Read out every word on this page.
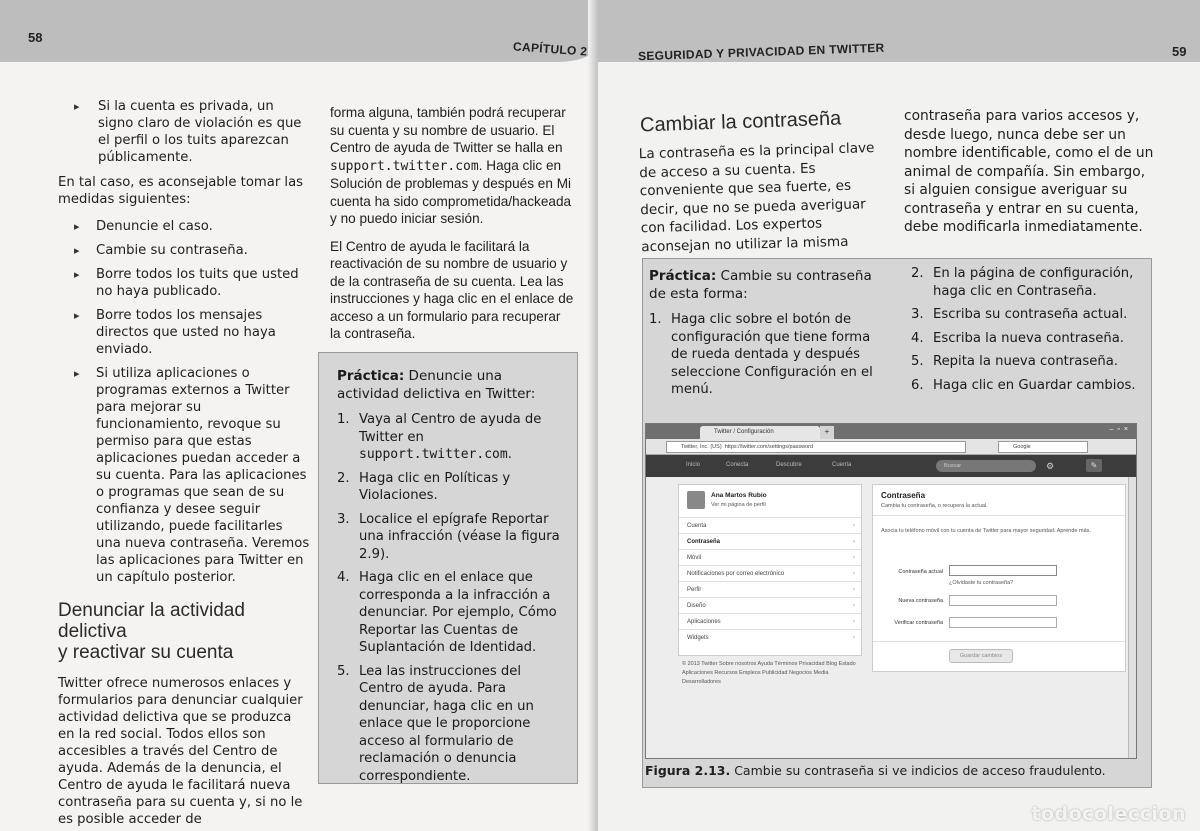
58
CAPÍTULO 2
▸ Si la cuenta es privada, un signo claro de violación es que el perfil o los tuits aparezcan públicamente.
En tal caso, es aconsejable tomar las medidas siguientes:
▸ Denuncie el caso.
▸ Cambie su contraseña.
▸ Borre todos los tuits que usted no haya publicado.
▸ Borre todos los mensajes directos que usted no haya enviado.
▸ Si utiliza aplicaciones o programas externos a Twitter para mejorar su funcionamiento, revoque su permiso para que estas aplicaciones puedan acceder a su cuenta. Para las aplicaciones o programas que sean de su confianza y desee seguir utilizando, puede facilitarles una nueva contraseña. Veremos las aplicaciones para Twitter en un capítulo posterior.
Denunciar la actividad delictiva
y reactivar su cuenta
Twitter ofrece numerosos enlaces y formularios para denunciar cualquier actividad delictiva que se produzca en la red social. Todos ellos son accesibles a través del Centro de ayuda. Además de la denuncia, el Centro de ayuda le facilitará nueva contraseña para su cuenta y, si no le es posible acceder de
forma alguna, también podrá recuperar su cuenta y su nombre de usuario. El Centro de ayuda de Twitter se halla en support.twitter.com. Haga clic en Solución de problemas y después en Mi cuenta ha sido comprometida/hackeada y no puedo iniciar sesión.
El Centro de ayuda le facilitará la reactivación de su nombre de usuario y de la contraseña de su cuenta. Lea las instrucciones y haga clic en el enlace de acceso a un formulario para recuperar la contraseña.
Práctica: Denuncie una actividad delictiva en Twitter:
1. Vaya al Centro de ayuda de Twitter en support.twitter.com.
2. Haga clic en Políticas y Violaciones.
3. Localice el epígrafe Reportar una infracción (véase la figura 2.9).
4. Haga clic en el enlace que corresponda a la infracción a denunciar. Por ejemplo, Cómo Reportar las Cuentas de Suplantación de Identidad.
5. Lea las instrucciones del Centro de ayuda. Para denunciar, haga clic en un enlace que le proporcione acceso al formulario de reclamación o denuncia correspondiente.
SEGURIDAD Y PRIVACIDAD EN TWITTER	59
Cambiar la contraseña
La contraseña es la principal clave de acceso a su cuenta. Es conveniente que sea fuerte, es decir, que no se pueda averiguar con facilidad. Los expertos aconsejan no utilizar la misma
contraseña para varios accesos y, desde luego, nunca debe ser un nombre identificable, como el de un animal de compañía. Sin embargo, si alguien consigue averiguar su contraseña y entrar en su cuenta, debe modificarla inmediatamente.
Práctica: Cambie su contraseña de esta forma:
1. Haga clic sobre el botón de configuración que tiene forma de rueda dentada y después seleccione Configuración en el menú.
2. En la página de configuración, haga clic en Contraseña.
3. Escriba su contraseña actual.
4. Escriba la nueva contraseña.
5. Repita la nueva contraseña.
6. Haga clic en Guardar cambios.
Twitter / Configuración	+	–▫×
Twitter, Inc. (US) https://twitter.com/settings/password	Google
Inicio	Conecta	Descubre	Cuenta	Buscar	⚙	✎
Ana Martos Rubio
Ver mi página de perfil
Cuenta	›
Contraseña	›
Móvil	›
Notificaciones por correo electrónico	›
Perfil	›
Diseño	›
Aplicaciones	›
Widgets	›
© 2013 Twitter Sobre nosotros Ayuda Términos Privacidad Blog Estado Aplicaciones Recursos Empleos Publicidad Negocios Media Desarrolladores
Contraseña
Cambia tu contraseña, o recupera la actual.
Asocia tu teléfono móvil con tu cuenta de Twitter para mayor seguridad. Aprende más.
Contraseña actual
¿Olvidaste tu contraseña?
Nueva contraseña
Verificar contraseña
Guardar cambios
Figura 2.13. Cambie su contraseña si ve indicios de acceso fraudulento.
todocoleccion
